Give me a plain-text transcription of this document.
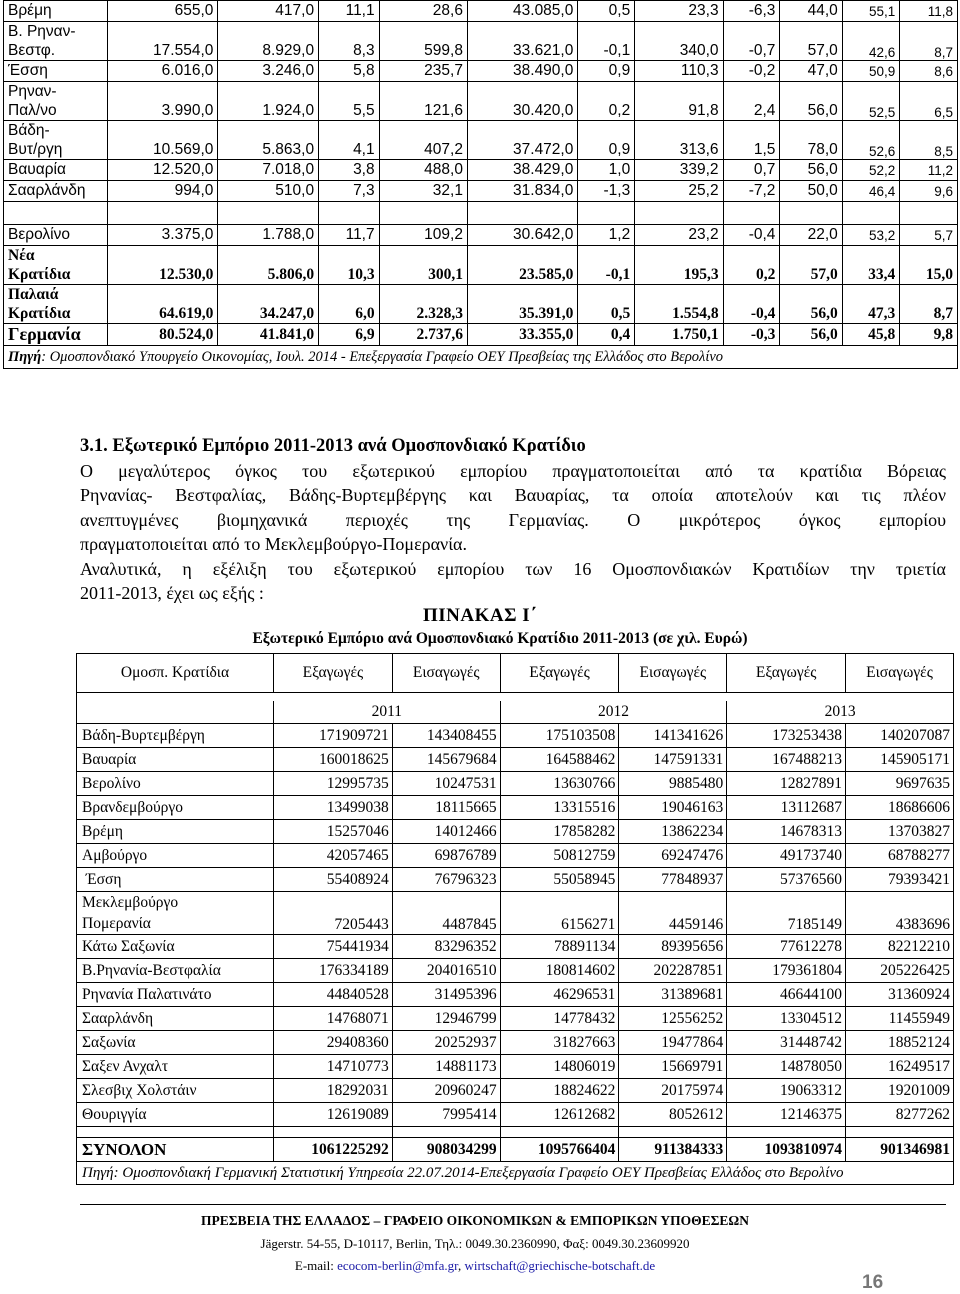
Βρέμη	655,0	417,0	11,1	28,6	43.085,0	0,5	23,3	-6,3	44,0	55,1	11,8
Β. Ρηναν-
Βεστφ.	17.554,0	8.929,0	8,3	599,8	33.621,0	-0,1	340,0	-0,7	57,0	42,6	8,7
Έσση	6.016,0	3.246,0	5,8	235,7	38.490,0	0,9	110,3	-0,2	47,0	50,9	8,6
Ρηναν-
Παλ/νο	3.990,0	1.924,0	5,5	121,6	30.420,0	0,2	91,8	2,4	56,0	52,5	6,5
Βάδη-
Βυτ/ργη	10.569,0	5.863,0	4,1	407,2	37.472,0	0,9	313,6	1,5	78,0	52,6	8,5
Βαυαρία	12.520,0	7.018,0	3,8	488,0	38.429,0	1,0	339,2	0,7	56,0	52,2	11,2
Σααρλάνδη	994,0	510,0	7,3	32,1	31.834,0	-1,3	25,2	-7,2	50,0	46,4	9,6

Βερολίνο	3.375,0	1.788,0	11,7	109,2	30.642,0	1,2	23,2	-0,4	22,0	53,2	5,7
Νέα
Κρατίδια	12.530,0	5.806,0	10,3	300,1	23.585,0	-0,1	195,3	0,2	57,0	33,4	15,0
Παλαιά
Κρατίδια	64.619,0	34.247,0	6,0	2.328,3	35.391,0	0,5	1.554,8	-0,4	56,0	47,3	8,7
Γερμανία	80.524,0	41.841,0	6,9	2.737,6	33.355,0	0,4	1.750,1	-0,3	56,0	45,8	9,8
Πηγή: Ομοσπονδιακό Υπουργείο Οικονομίας, Ιουλ. 2014 - Επεξεργασία Γραφείο ΟΕΥ Πρεσβείας της Ελλάδος στο Βερολίνο											
3.1. Εξωτερικό Εμπόριο 2011-2013 ανά Ομοσπονδιακό Κρατίδιο
Ο μεγαλύτερος όγκος του εξωτερικού εμπορίου πραγματοποιείται από τα κρατίδια Βόρειας
Ρηνανίας- Βεστφαλίας, Βάδης-Βυρτεμβέργης και Βαυαρίας, τα οποία αποτελούν και τις πλέον
ανεπτυγμένες βιομηχανικά περιοχές της Γερμανίας. Ο μικρότερος όγκος εμπορίου
πραγματοποιείται από το Μεκλεμβούργο-Πομερανία.
Αναλυτικά, η εξέλιξη του εξωτερικού εμπορίου των 16 Ομοσπονδιακών Κρατιδίων την τριετία
2011-2013, έχει ως εξής :
ΠΙΝΑΚΑΣ Ι΄
Εξωτερικό Εμπόριο ανά Ομοσπονδιακό Κρατίδιο 2011-2013 (σε χιλ. Ευρώ)
Ομοσπ. Κρατίδια	Εξαγωγές	Εισαγωγές	Εξαγωγές	Εισαγωγές	Εξαγωγές	Εισαγωγές

	2011		2012		2013	
Βάδη-Βυρτεμβέργη	171909721	143408455	175103508	141341626	173253438	140207087
Βαυαρία	160018625	145679684	164588462	147591331	167488213	145905171
Βερολίνο	12995735	10247531	13630766	9885480	12827891	9697635
Βρανδεμβούργο	13499038	18115665	13315516	19046163	13112687	18686606
Βρέμη	15257046	14012466	17858282	13862234	14678313	13703827
Αμβούργο	42057465	69876789	50812759	69247476	49173740	68788277
Έσση	55408924	76796323	55058945	77848937	57376560	79393421
Μεκλεμβούργο
Πομερανία	7205443	4487845	6156271	4459146	7185149	4383696
Κάτω Σαξωνία	75441934	83296352	78891134	89395656	77612278	82212210
Β.Ρηνανία-Βεστφαλία	176334189	204016510	180814602	202287851	179361804	205226425
Ρηνανία Παλατινάτο	44840528	31495396	46296531	31389681	46644100	31360924
Σααρλάνδη	14768071	12946799	14778432	12556252	13304512	11455949
Σαξωνία	29408360	20252937	31827663	19477864	31448742	18852124
Σαξεν Ανχαλτ	14710773	14881173	14806019	15669791	14878050	16249517
Σλεσβιχ Χολστάιν	18292031	20960247	18824622	20175974	19063312	19201009
Θουριγγία	12619089	7995414	12612682	8052612	12146375	8277262

ΣΥΝΟΛΟΝ	1061225292	908034299	1095766404	911384333	1093810974	901346981
Πηγή: Ομοσπονδιακή Γερμανική Στατιστική Υπηρεσία 22.07.2014-Επεξεργασία Γραφείο ΟΕΥ Πρεσβείας Ελλάδος στο Βερολίνο						
ΠΡΕΣΒΕΙΑ ΤΗΣ ΕΛΛΑΔΟΣ – ΓΡΑΦΕΙΟ ΟΙΚΟΝΟΜΙΚΩΝ & ΕΜΠΟΡΙΚΩΝ ΥΠΟΘΕΣΕΩΝ
Jägerstr. 54-55, D-10117, Berlin, Τηλ.: 0049.30.2360990, Φαξ: 0049.30.23609920
E-mail: ecocom-berlin@mfa.gr, wirtschaft@griechische-botschaft.de
16
